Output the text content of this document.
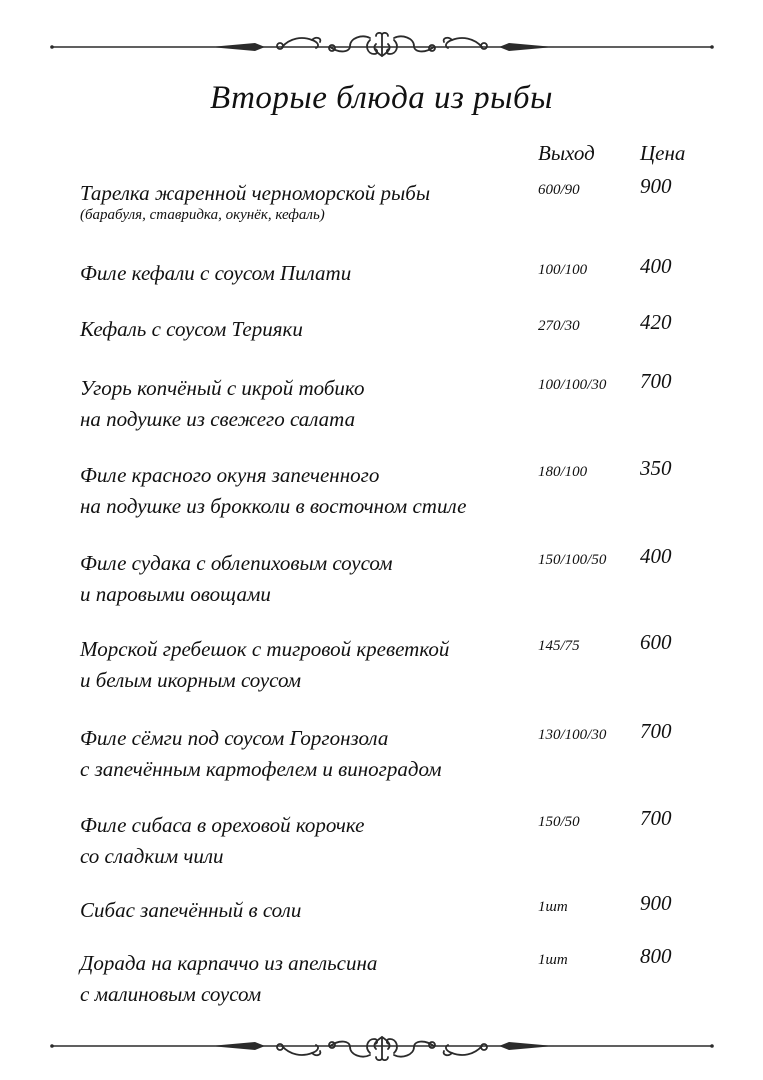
Вторые блюда из рыбы
Выход Цена
Тарелка жаренной черноморской рыбы
(барабуля, ставридка, окунёк, кефаль)
600/90	900
Филе кефали с соусом Пилати	100/100	400
Кефаль с соусом Терияки	270/30	420
Угорь копчёный с икрой тобико
на подушке из свежего салата
100/100/30 700
Филе красного окуня запеченного
на подушке из брокколи в восточном стиле
180/100	350
Филе судака с облепиховым соусом
и паровыми овощами
150/100/50 400
Морской гребешок с тигровой креветкой
и белым икорным соусом
145/75	600
Филе сёмги под соусом Горгонзола
с запечённым картофелем и виноградом
130/100/30 700
Филе сибаса в ореховой корочке
со сладким чили
150/50	700
Сибас запечённый в соли	1шт	900
Дорада на карпаччо из апельсина
с малиновым соусом
1шт	800
